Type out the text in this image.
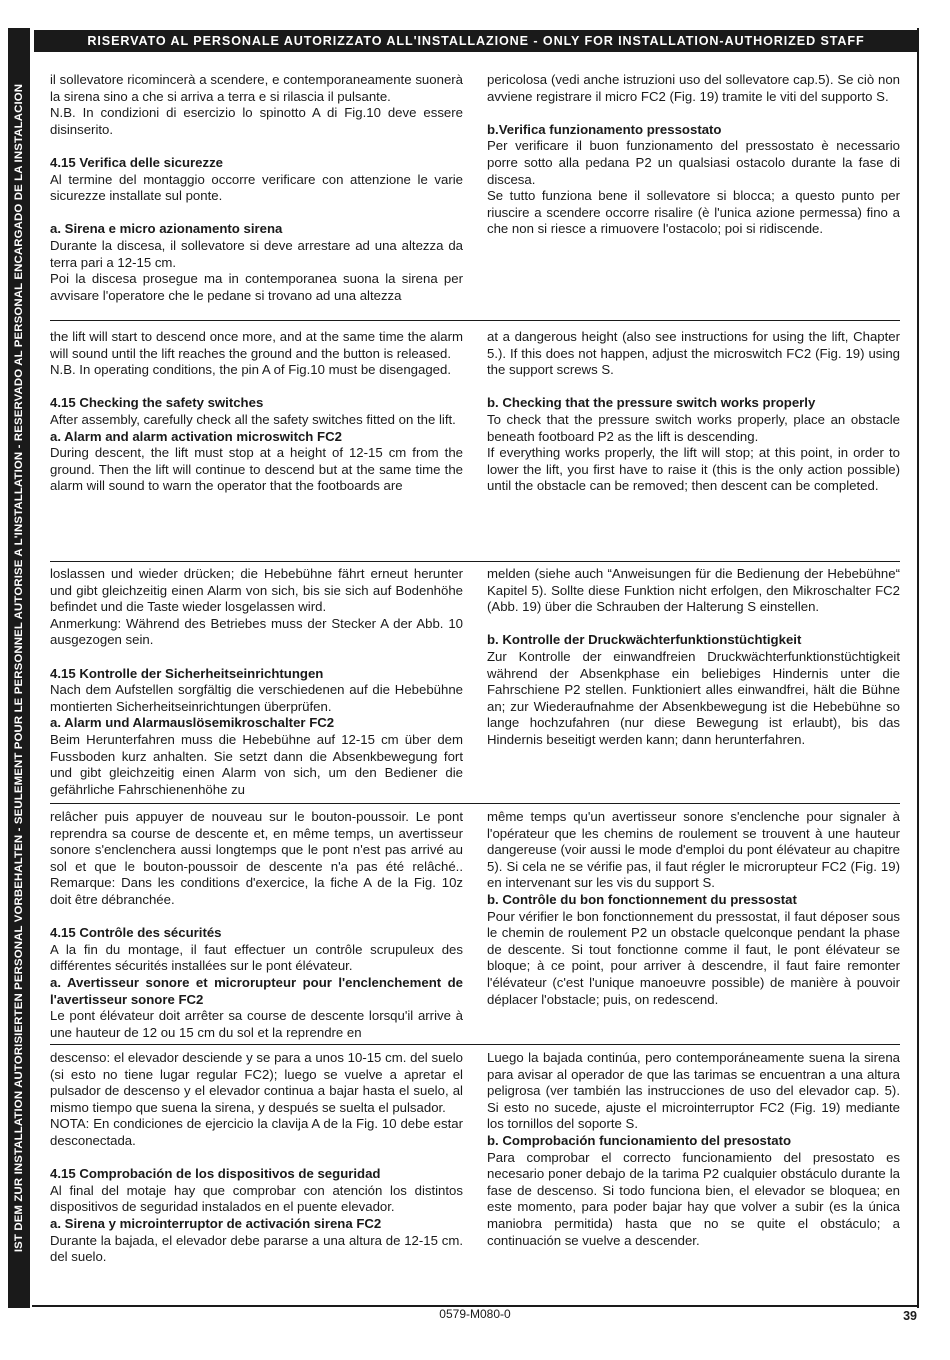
IST DEM ZUR INSTALLATION AUTORISIERTEN PERSONAL VORBEHALTEN - SEULEMENT POUR LE PERSONNEL AUTORISE A L'INSTALLATION - RESERVADO AL PERSONAL ENCARGADO DE LA INSTALACION
RISERVATO AL PERSONALE AUTORIZZATO ALL'INSTALLAZIONE - ONLY FOR INSTALLATION-AUTHORIZED STAFF

il sollevatore ricomincerà a scendere, e contemporaneamente suonerà la sirena sino a che si arriva a terra e si rilascia il pulsante.

N.B. In condizioni di esercizio lo spinotto A di Fig.10 deve essere disinserito.

4.15 Verifica delle sicurezze

Al termine del montaggio occorre verificare con attenzione le varie sicurezze installate sul ponte.

a. Sirena e micro azionamento sirena

Durante la discesa, il sollevatore si deve arrestare ad una altezza da terra pari a 12-15 cm.

Poi la discesa prosegue ma in contemporanea suona la sirena per avvisare l'operatore che le pedane si trovano ad una altezza

pericolosa (vedi anche istruzioni uso del sollevatore cap.5). Se ciò non avviene registrare il micro FC2 (Fig. 19) tramite le viti del supporto S.

b.Verifica funzionamento pressostato

Per verificare il buon funzionamento del pressostato è necessario porre sotto alla pedana P2 un qualsiasi ostacolo durante la fase di discesa.

Se tutto funziona bene il sollevatore si blocca; a questo punto per riuscire a scendere occorre risalire (è l'unica azione permessa) fino a che non si riesce a rimuovere l'ostacolo; poi si ridiscende.

the lift will start to descend once more, and at the same time the alarm will sound until the lift reaches the ground and the button is released.

N.B. In operating conditions, the pin A of Fig.10 must be disengaged.

4.15 Checking the safety switches

After assembly, carefully check all the safety switches fitted on the lift.

a. Alarm and alarm activation microswitch FC2

During descent, the lift must stop at a height of 12-15 cm from the ground. Then the lift will continue to descend but at the same time the alarm will sound to warn the operator that the footboards are

at a dangerous height (also see instructions for using the lift, Chapter 5.). If this does not happen, adjust the microswitch FC2 (Fig. 19) using the support screws S.

b. Checking that the pressure switch works properly

To check that the pressure switch works properly, place an obstacle beneath footboard P2 as the lift is descending.

If everything works properly, the lift will stop; at this point, in order to lower the lift, you first have to raise it (this is the only action possible) until the obstacle can be removed; then descent can be completed.

loslassen und wieder drücken; die Hebebühne fährt erneut herunter und gibt gleichzeitig einen Alarm von sich, bis sie sich auf Bodenhöhe befindet und die Taste wieder losgelassen wird.

Anmerkung: Während des Betriebes muss der Stecker A der Abb. 10 ausgezogen sein.

4.15 Kontrolle der Sicherheitseinrichtungen

Nach dem Aufstellen sorgfältig die verschiedenen auf die Hebebühne montierten Sicherheitseinrichtungen überprüfen.

a. Alarm und Alarmauslösemikroschalter FC2

Beim Herunterfahren muss die Hebebühne auf 12-15 cm über dem Fussboden kurz anhalten. Sie setzt dann die Absenkbewegung fort und gibt gleichzeitig einen Alarm von sich, um den Bediener die gefährliche Fahrschienenhöhe zu

melden (siehe auch “Anweisungen für die Bedienung der Hebebühne“ Kapitel 5). Sollte diese Funktion nicht erfolgen, den Mikroschalter FC2 (Abb. 19) über die Schrauben der Halterung S einstellen.

b. Kontrolle der Druckwächterfunktionstüchtigkeit

Zur Kontrolle der einwandfreien Druckwächterfunktionstüchtigkeit während der Absenkphase ein beliebiges Hindernis unter die Fahrschiene P2 stellen. Funktioniert alles einwandfrei, hält die Bühne an; zur Wiederaufnahme der Absenkbewegung ist die Hebebühne so lange hochzufahren (nur diese Bewegung ist erlaubt), bis das Hindernis beseitigt werden kann; dann herunterfahren.

relâcher puis appuyer de nouveau sur le bouton-poussoir. Le pont reprendra sa course de descente et, en même temps, un avertisseur sonore s'enclenchera aussi longtemps que le pont n'est pas arrivé au sol et que le bouton-poussoir de descente n'a pas été relâché.. Remarque: Dans les conditions d'exercice, la fiche A de la Fig. 10z doit être débranchée.

4.15 Contrôle des sécurités

A la fin du montage, il faut effectuer un contrôle scrupuleux des différentes sécurités installées sur le pont élévateur.

a. Avertisseur sonore et microrupteur pour l'enclenchement de l'avertisseur sonore FC2

Le pont élévateur doit arrêter sa course de descente lorsqu'il arrive à une hauteur de 12 ou 15 cm du sol et la reprendre en

même temps qu'un avertisseur sonore s'enclenche pour signaler à l'opérateur que les chemins de roulement se trouvent à une hauteur dangereuse (voir aussi le mode d'emploi du pont élévateur au chapitre 5). Si cela ne se vérifie pas, il faut régler le microrupteur FC2 (Fig. 19) en intervenant sur les vis du support S.

b. Contrôle du bon fonctionnement du pressostat

Pour vérifier le bon fonctionnement du pressostat, il faut déposer sous le chemin de roulement P2 un obstacle quelconque pendant la phase de descente. Si tout fonctionne comme il faut, le pont élévateur se bloque; à ce point, pour arriver à descendre, il faut faire remonter l'élévateur (c'est l'unique manoeuvre possible) de manière à pouvoir déplacer l'obstacle; puis, on redescend.

descenso: el elevador desciende y se para a unos 10-15 cm. del suelo (si esto no tiene lugar regular FC2); luego se vuelve a apretar el pulsador de descenso y el elevador continua a bajar hasta el suelo, al mismo tiempo que suena la sirena, y después se suelta el pulsador.

NOTA: En condiciones de ejercicio la clavija A de la Fig. 10 debe estar desconectada.

4.15 Comprobación de los dispositivos de seguridad

Al final del motaje hay que comprobar con atención los distintos dispositivos de seguridad instalados en el puente elevador.

a. Sirena y microinterruptor de activación sirena FC2

Durante la bajada, el elevador debe pararse a una altura de 12-15 cm. del suelo.

Luego la bajada continúa, pero contemporáneamente suena la sirena para avisar al operador de que las tarimas se encuentran a una altura peligrosa (ver también las instrucciones de uso del elevador cap. 5). Si esto no sucede, ajuste el microinterruptor FC2 (Fig. 19) mediante los tornillos del soporte S.

b. Comprobación funcionamiento del presostato

Para comprobar el correcto funcionamiento del presostato es necesario poner debajo de la tarima P2 cualquier obstáculo durante la fase de descenso. Si todo funciona bien, el elevador se bloquea; en este momento, para poder bajar hay que volver a subir (es la única maniobra permitida) hasta que no se quite el obstáculo; a continuación se vuelve a descender.

0579-M080-0	39
